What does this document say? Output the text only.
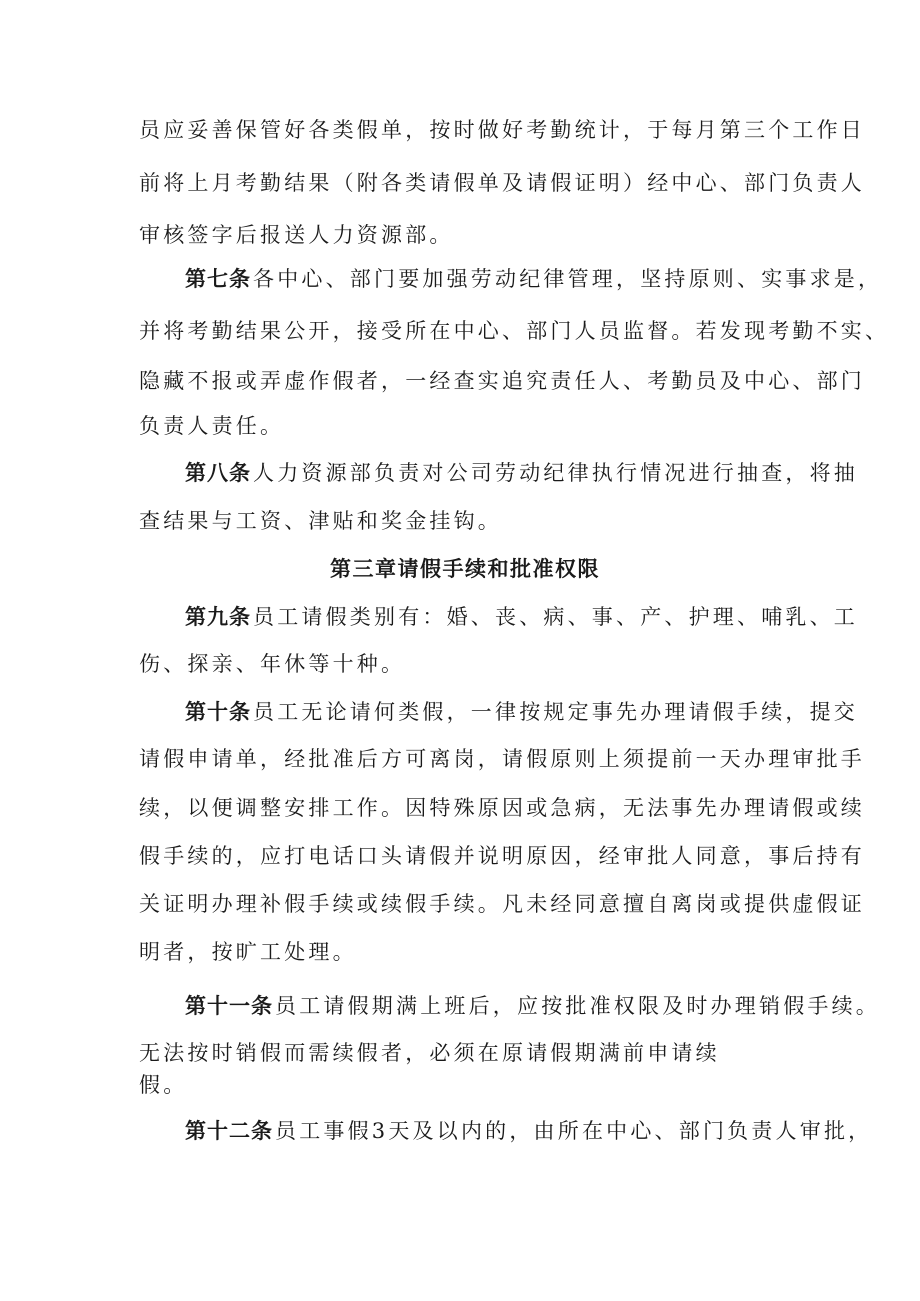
员应妥善保管好各类假单，按时做好考勤统计，于每月第三个工作日
前将上月考勤结果（附各类请假单及请假证明）经中心、部门负责人
审核签字后报送人力资源部。
第七条各中心、部门要加强劳动纪律管理，坚持原则、实事求是，
并将考勤结果公开，接受所在中心、部门人员监督。若发现考勤不实、
隐藏不报或弄虚作假者，一经查实追究责任人、考勤员及中心、部门
负责人责任。
第八条人力资源部负责对公司劳动纪律执行情况进行抽查，将抽
查结果与工资、津贴和奖金挂钩。
第三章请假手续和批准权限
第九条员工请假类别有：婚、丧、病、事、产、护理、哺乳、工
伤、探亲、年休等十种。
第十条员工无论请何类假，一律按规定事先办理请假手续，提交
请假申请单，经批准后方可离岗，请假原则上须提前一天办理审批手
续，以便调整安排工作。因特殊原因或急病，无法事先办理请假或续
假手续的，应打电话口头请假并说明原因，经审批人同意，事后持有
关证明办理补假手续或续假手续。凡未经同意擅自离岗或提供虚假证
明者，按旷工处理。
第十一条员工请假期满上班后，应按批准权限及时办理销假手续。
无法按时销假而需续假者，必须在原请假期满前申请续
假。
第十二条员工事假3天及以内的，由所在中心、部门负责人审批，
